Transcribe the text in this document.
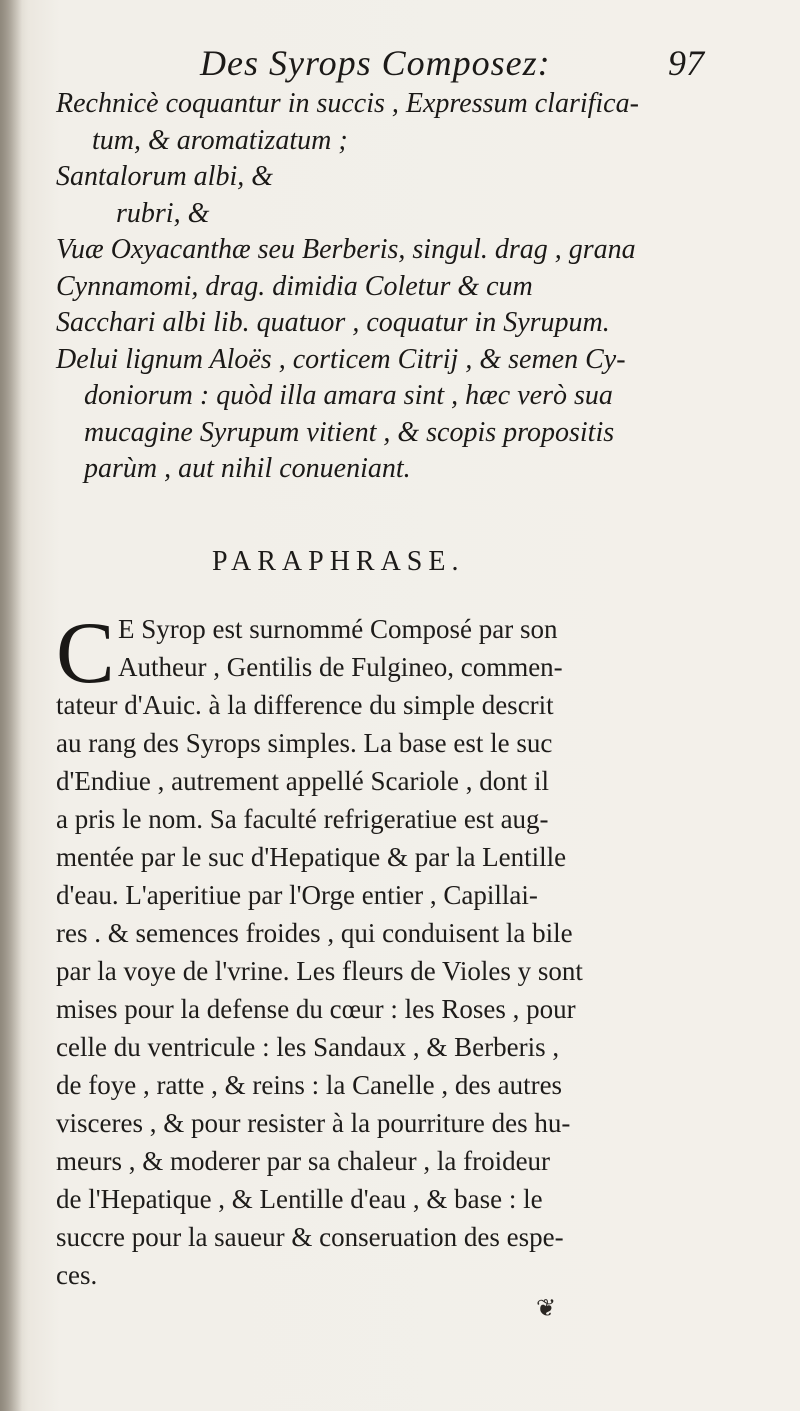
Des Syrops Composez:	97
Rechnicè coquantur in succis , Expressum clarifica-
tum, & aromatizatum ;
Santalorum albi, &
rubri, &
Vuæ Oxyacanthæ seu Berberis, singul. drag , grana
Cynnamomi, drag. dimidia Coletur & cum
Sacchari albi lib. quatuor , coquatur in Syrupum.
Delui lignum Aloës , corticem Citrij , & semen Cy-
doniorum : quòd illa amara sint , hæc verò sua
mucagine Syrupum vitient , & scopis propositis
parùm , aut nihil conueniant.
PARAPHRASE.
C E Syrop est surnommé Composé par son
Autheur , Gentilis de Fulgineo, commen-
tateur d'Auic. à la difference du simple descrit
au rang des Syrops simples. La base est le suc
d'Endiue , autrement appellé Scariole , dont il
a pris le nom. Sa faculté refrigeratiue est aug-
mentée par le suc d'Hepatique & par la Lentille
d'eau. L'aperitiue par l'Orge entier , Capillai-
res . & semences froides , qui conduisent la bile
par la voye de l'vrine. Les fleurs de Violes y sont
mises pour la defense du cœur : les Roses , pour
celle du ventricule : les Sandaux , & Berberis ,
de foye , ratte , & reins : la Canelle , des autres
visceres , & pour resister à la pourriture des hu-
meurs , & moderer par sa chaleur , la froideur
de l'Hepatique , & Lentille d'eau , & base : le
succre pour la saueur & conseruation des espe-
ces.
❦
